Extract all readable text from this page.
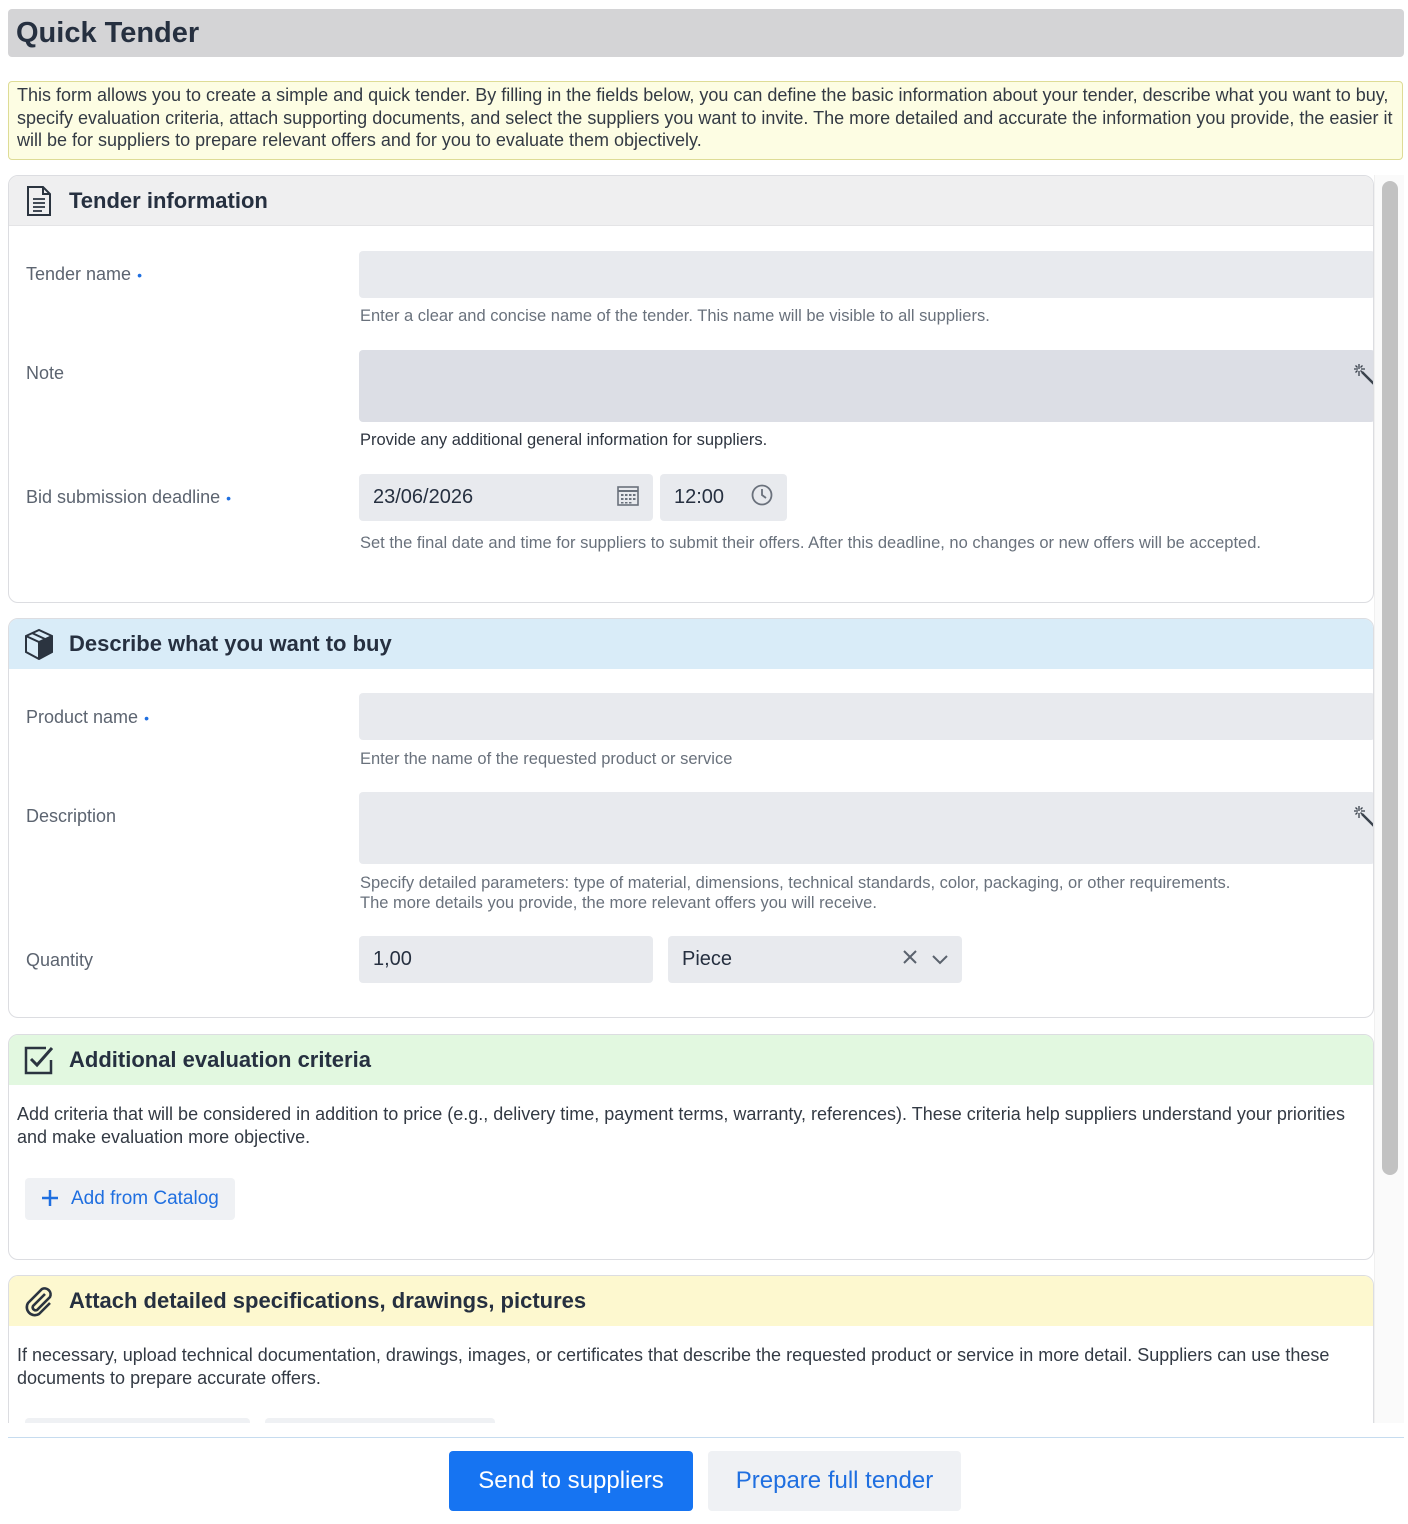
Quick Tender
This form allows you to create a simple and quick tender. By filling in the fields below, you can define the basic information about your tender, describe what you want to buy, specify evaluation criteria, attach supporting documents, and select the suppliers you want to invite. The more detailed and accurate the information you provide, the easier it will be for suppliers to prepare relevant offers and for you to evaluate them objectively.
Tender information
Tender name •
Enter a clear and concise name of the tender. This name will be visible to all suppliers.
Note
Provide any additional general information for suppliers.
Bid submission deadline •	23/06/2026	12:00
Set the final date and time for suppliers to submit their offers. After this deadline, no changes or new offers will be accepted.
Describe what you want to buy
Product name •
Enter the name of the requested product or service
Description
Specify detailed parameters: type of material, dimensions, technical standards, color, packaging, or other requirements.
The more details you provide, the more relevant offers you will receive.
Quantity	1,00	Piece
Additional evaluation criteria
Add criteria that will be considered in addition to price (e.g., delivery time, payment terms, warranty, references). These criteria help suppliers understand your priorities and make evaluation more objective.
Add from Catalog
Attach detailed specifications, drawings, pictures
If necessary, upload technical documentation, drawings, images, or certificates that describe the requested product or service in more detail. Suppliers can use these documents to prepare accurate offers.
Send to suppliers	Prepare full tender
